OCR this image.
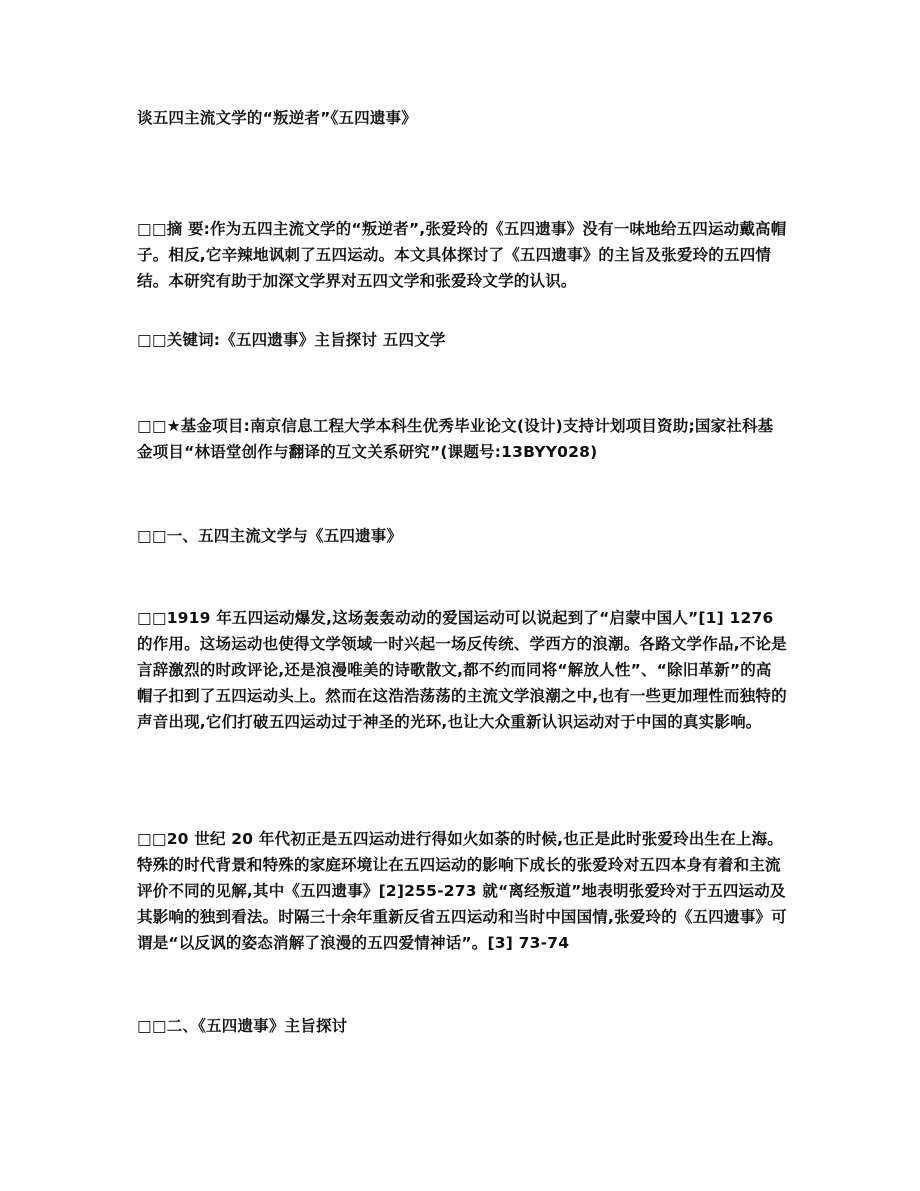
谈五四主流文学的“叛逆者”《五四遗事》

□□摘 要:作为五四主流文学的“叛逆者”,张爱玲的《五四遗事》没有一味地给五四运动戴高帽子。相反,它辛辣地讽刺了五四运动。本文具体探讨了《五四遗事》的主旨及张爱玲的五四情结。本研究有助于加深文学界对五四文学和张爱玲文学的认识。

□□关键词:《五四遗事》主旨探讨 五四文学

□□★基金项目:南京信息工程大学本科生优秀毕业论文(设计)支持计划项目资助;国家社科基金项目“林语堂创作与翻译的互文关系研究”(课题号:13BYY028)

□□一、五四主流文学与《五四遗事》

□□1919 年五四运动爆发,这场轰轰动动的爱国运动可以说起到了“启蒙中国人”[1] 1276 的作用。这场运动也使得文学领域一时兴起一场反传统、学西方的浪潮。各路文学作品,不论是言辞激烈的时政评论,还是浪漫唯美的诗歌散文,都不约而同将“解放人性”、“除旧革新”的高帽子扣到了五四运动头上。然而在这浩浩荡荡的主流文学浪潮之中,也有一些更加理性而独特的声音出现,它们打破五四运动过于神圣的光环,也让大众重新认识运动对于中国的真实影响。

□□20 世纪 20 年代初正是五四运动进行得如火如荼的时候,也正是此时张爱玲出生在上海。特殊的时代背景和特殊的家庭环境让在五四运动的影响下成长的张爱玲对五四本身有着和主流评价不同的见解,其中《五四遗事》[2]255-273 就“离经叛道”地表明张爱玲对于五四运动及其影响的独到看法。时隔三十余年重新反省五四运动和当时中国国情,张爱玲的《五四遗事》可谓是“以反讽的姿态消解了浪漫的五四爱情神话”。[3] 73-74

□□二、《五四遗事》主旨探讨
